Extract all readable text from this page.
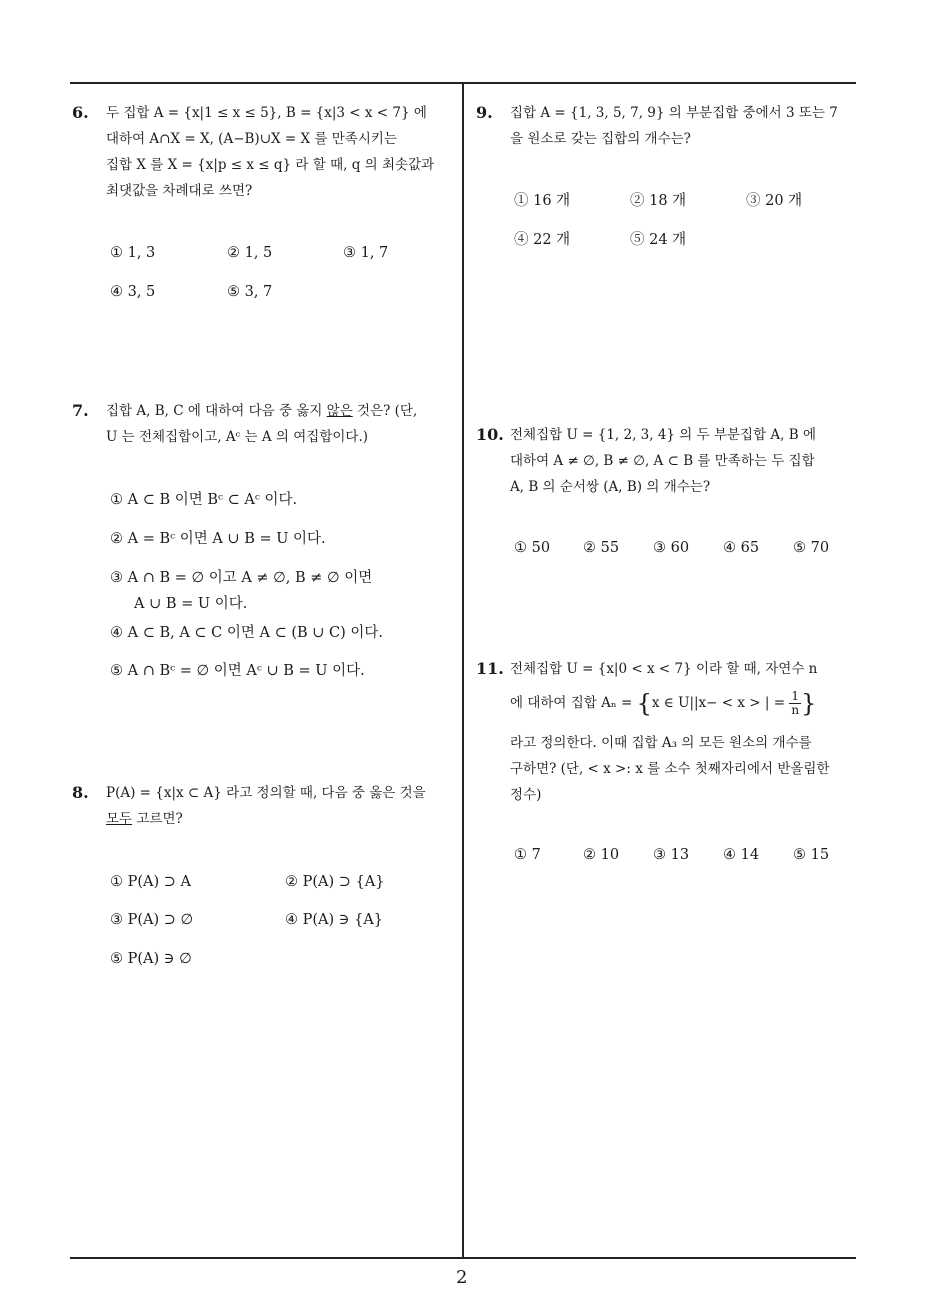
6. 두 집합 A = {x|1 ≤ x ≤ 5}, B = {x|3 < x < 7} 에

대하여 A∩X = X, (A−B)∪X = X 를 만족시키는

집합 X 를 X = {x|p ≤ x ≤ q} 라 할 때, q 의 최솟값과

최댓값을 차례대로 쓰면?

① 1, 3	② 1, 5	③ 1, 7
④ 3, 5	⑤ 3, 7
7. 집합 A, B, C 에 대하여 다음 중 옳지 않은 것은? (단,

U 는 전체집합이고, Aᶜ 는 A 의 여집합이다.)

① A ⊂ B 이면 Bᶜ ⊂ Aᶜ 이다.
② A = Bᶜ 이면 A ∪ B = U 이다.
③ A ∩ B = ∅ 이고 A ≠ ∅, B ≠ ∅ 이면
A ∪ B = U 이다.
④ A ⊂ B, A ⊂ C 이면 A ⊂ (B ∪ C) 이다.
⑤ A ∩ Bᶜ = ∅ 이면 Aᶜ ∪ B = U 이다.
8. P(A) = {x|x ⊂ A} 라고 정의할 때, 다음 중 옳은 것을

모두 고르면?

① P(A) ⊃ A	② P(A) ⊃ {A}
③ P(A) ⊃ ∅	④ P(A) ∋ {A}
⑤ P(A) ∋ ∅
9. 집합 A = {1, 3, 5, 7, 9} 의 부분집합 중에서 3 또는 7

을 원소로 갖는 집합의 개수는?

① 16 개	② 18 개	③ 20 개
④ 22 개	⑤ 24 개
10. 전체집합 U = {1, 2, 3, 4} 의 두 부분집합 A, B 에

대하여 A ≠ ∅, B ≠ ∅, A ⊂ B 를 만족하는 두 집합

A, B 의 순서쌍 (A, B) 의 개수는?

① 50 ② 55 ③ 60 ④ 65 ⑤ 70
11. 전체집합 U = {x|0 < x < 7} 이라 할 때, 자연수 n

에 대하여 집합 Aₙ = {x ∈ U||x− < x > | = $\frac{1}{n}$ }

라고 정의한다. 이때 집합 A₃ 의 모든 원소의 개수를

구하면? (단, < x >: x 를 소수 첫째자리에서 반올림한

정수)

① 7	② 10 ③ 13 ④ 14 ⑤ 15
2
